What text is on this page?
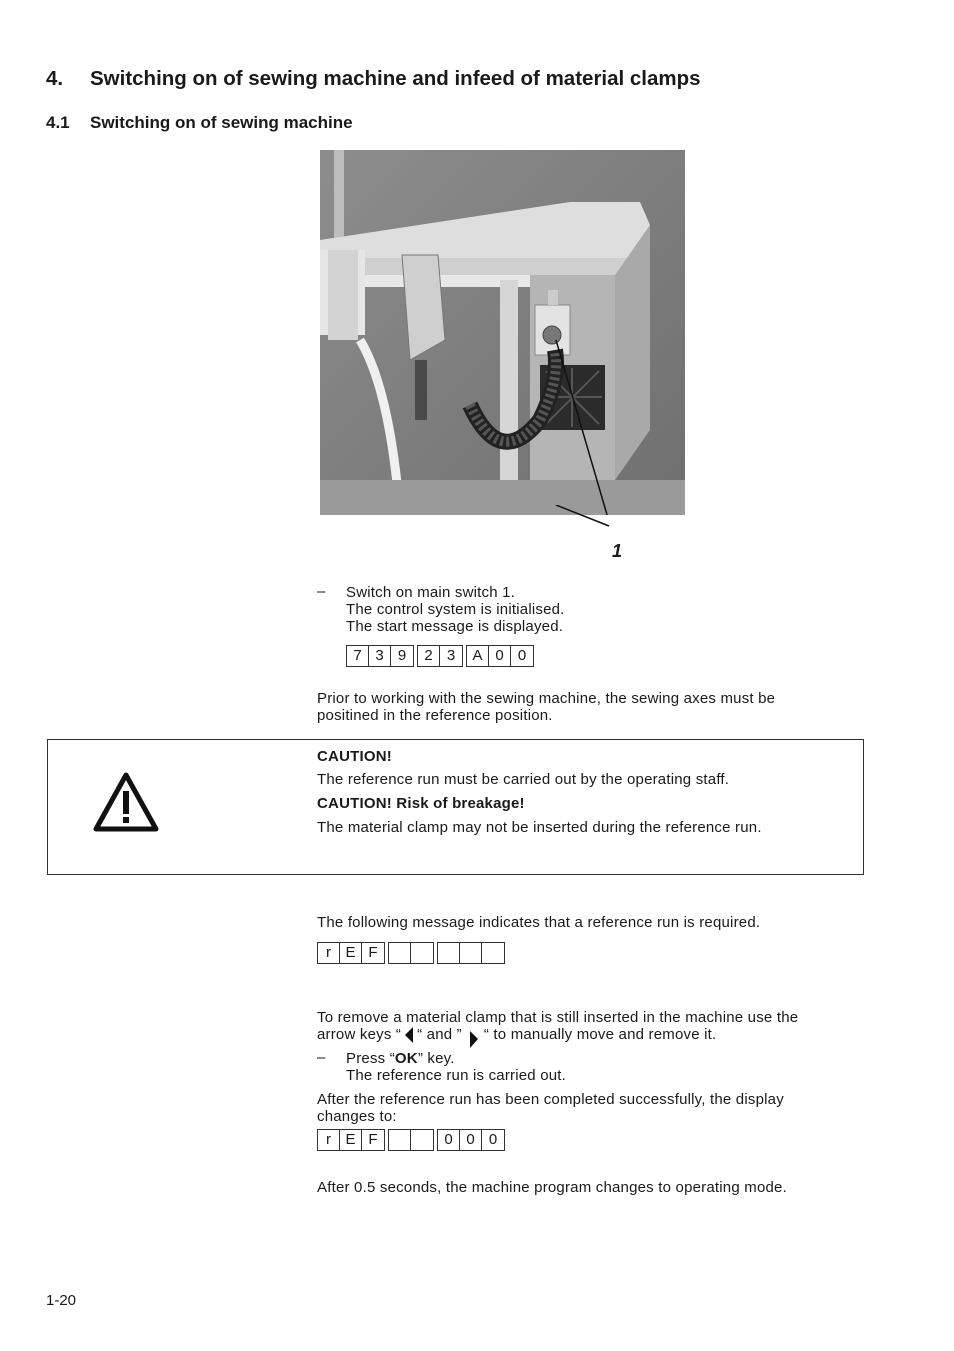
4. Switching on of sewing machine and infeed of material clamps
4.1 Switching on of sewing machine
1
– Switch on main switch 1.
The control system is initialised.
The start message is displayed.
7 3 9	2 3	A 0 0
Prior to working with the sewing machine, the sewing axes must be
positined in the reference position.
CAUTION!
The reference run must be carried out by the operating staff.
CAUTION! Risk of breakage!
The material clamp may not be inserted during the reference run.
The following message indicates that a reference run is required.
r E F
To remove a material clamp that is still inserted in the machine use the
arrow keys “ “ and ” “ to manually move and remove it.
– Press “OK” key.
The reference run is carried out.
After the reference run has been completed successfully, the display
changes to:
r E F	0 0 0
After 0.5 seconds, the machine program changes to operating mode.
1-20
